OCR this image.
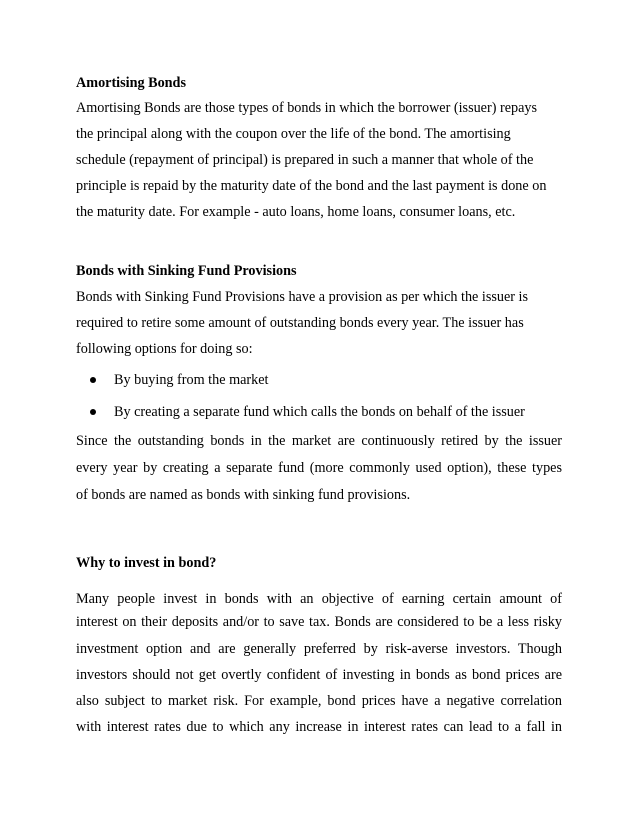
Amortising Bonds
Amortising Bonds are those types of bonds in which the borrower (issuer) repays
the principal along with the coupon over the life of the bond. The amortising
schedule (repayment of principal) is prepared in such a manner that whole of the
principle is repaid by the maturity date of the bond and the last payment is done on
the maturity date. For example - auto loans, home loans, consumer loans, etc.
Bonds with Sinking Fund Provisions
Bonds with Sinking Fund Provisions have a provision as per which the issuer is
required to retire some amount of outstanding bonds every year. The issuer has
following options for doing so:
By buying from the market
By creating a separate fund which calls the bonds on behalf of the issuer
Since the outstanding bonds in the market are continuously retired by the issuer
every year by creating a separate fund (more commonly used option), these types
of bonds are named as bonds with sinking fund provisions.
Why to invest in bond?
Many people invest in bonds with an objective of earning certain amount of
interest on their deposits and/or to save tax. Bonds are considered to be a less risky
investment option and are generally preferred by risk-averse investors. Though
investors should not get overtly confident of investing in bonds as bond prices are
also subject to market risk. For example, bond prices have a negative correlation
with interest rates due to which any increase in interest rates can lead to a fall in
